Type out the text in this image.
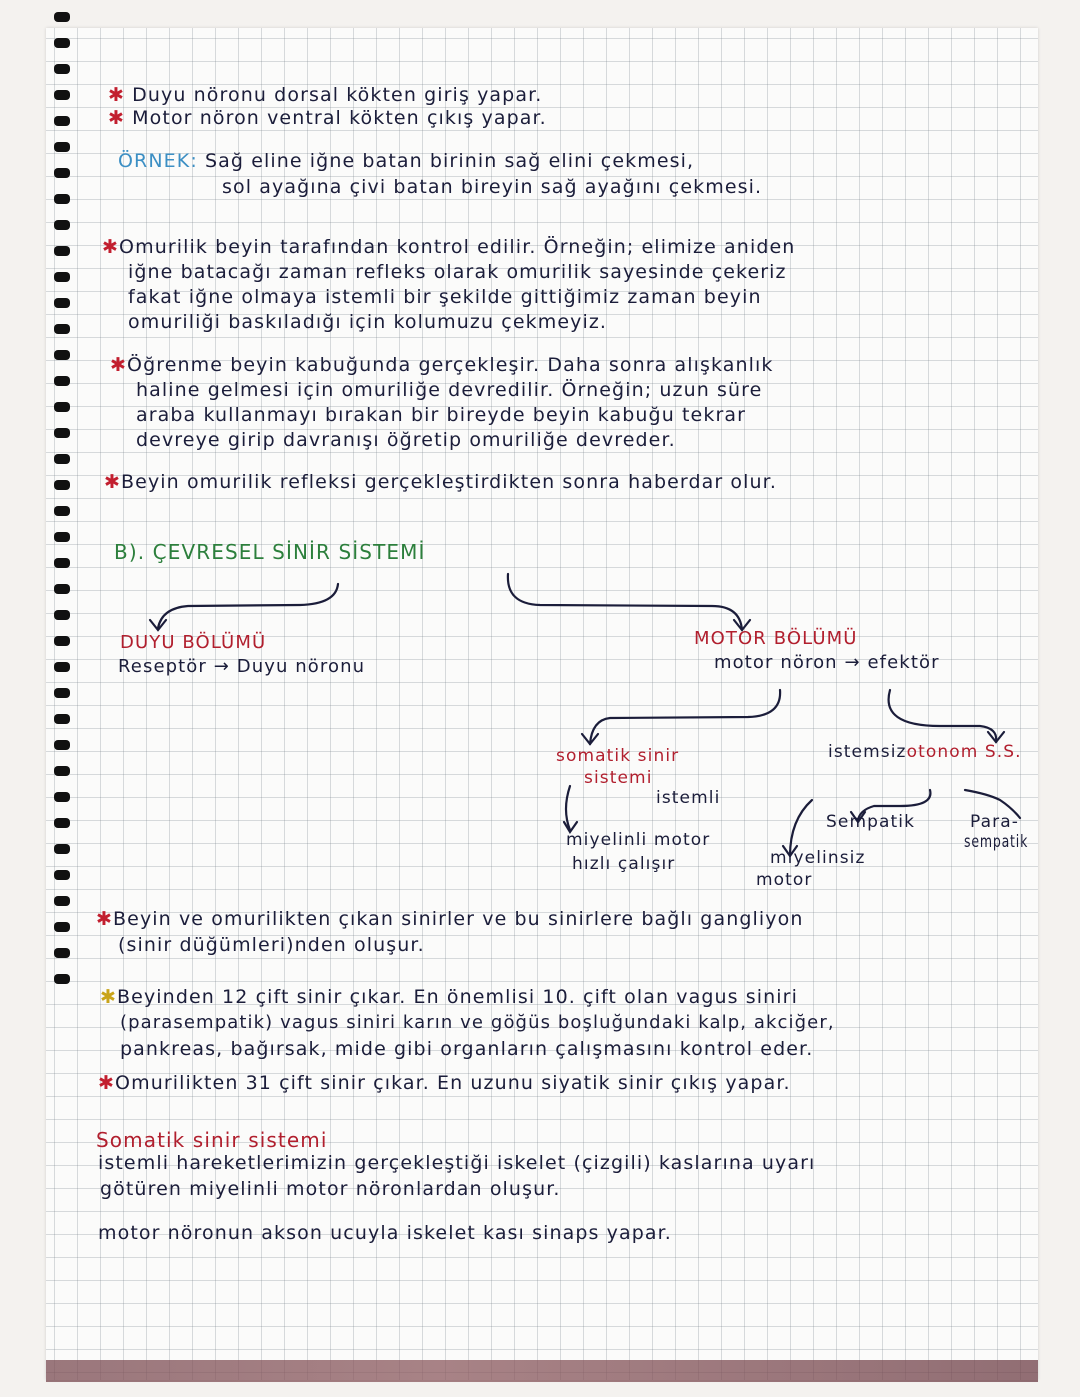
✱ Duyu nöronu dorsal kökten giriş yapar.
✱ Motor nöron ventral kökten çıkış yapar.
ÖRNEK: Sağ eline iğne batan birinin sağ elini çekmesi,
sol ayağına çivi batan bireyin sağ ayağını çekmesi.
✱Omurilik beyin tarafından kontrol edilir. Örneğin; elimize aniden
iğne batacağı zaman refleks olarak omurilik sayesinde çekeriz
fakat iğne olmaya istemli bir şekilde gittiğimiz zaman beyin
omuriliği baskıladığı için kolumuzu çekmeyiz.
✱Öğrenme beyin kabuğunda gerçekleşir. Daha sonra alışkanlık
haline gelmesi için omuriliğe devredilir. Örneğin; uzun süre
araba kullanmayı bırakan bir bireyde beyin kabuğu tekrar
devreye girip davranışı öğretip omuriliğe devreder.
✱Beyin omurilik refleksi gerçekleştirdikten sonra haberdar olur.
B). ÇEVRESEL SİNİR SİSTEMİ
DUYU BÖLÜMÜ
Reseptör → Duyu nöronu
MOTOR BÖLÜMÜ
motor nöron → efektör
somatik sinir
sistemi
istemli
miyelinli motor
hızlı çalışır
istemsizotonom S.S.
Sempatik	Para-
sempatik
miyelinsiz
motor
✱Beyin ve omurilikten çıkan sinirler ve bu sinirlere bağlı gangliyon
(sinir düğümleri)nden oluşur.
✱Beyinden 12 çift sinir çıkar. En önemlisi 10. çift olan vagus siniri
(parasempatik) vagus siniri karın ve göğüs boşluğundaki kalp, akciğer,
pankreas, bağırsak, mide gibi organların çalışmasını kontrol eder.
✱Omurilikten 31 çift sinir çıkar. En uzunu siyatik sinir çıkış yapar.
Somatik sinir sistemi
istemli hareketlerimizin gerçekleştiği iskelet (çizgili) kaslarına uyarı
götüren miyelinli motor nöronlardan oluşur.
motor nöronun akson ucuyla iskelet kası sinaps yapar.
